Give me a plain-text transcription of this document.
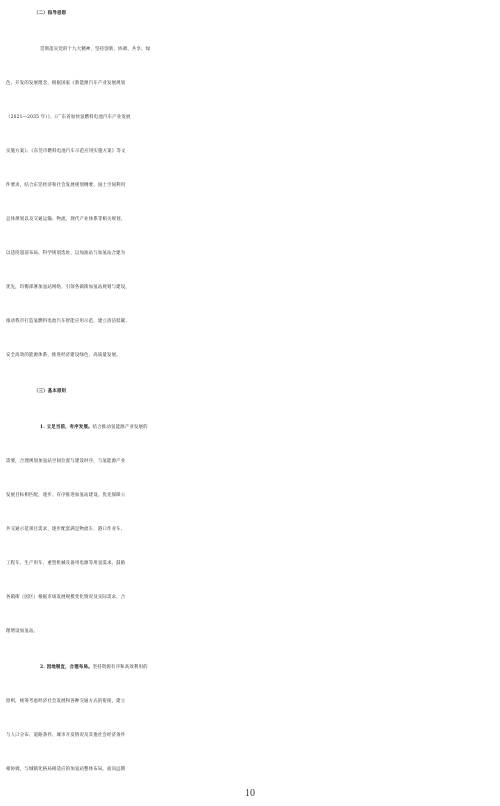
（二）指导思想
贯彻落实党的十九大精神，坚持创新、协调、共享、绿
色、开发的发展理念，根据国家《新能源汽车产业发展规划
（2021—2035 年）》、《广东省加快氢燃料电池汽车产业发展
实施方案》、《东莞市燃料电池汽车示范应用实施方案》等文
件要求，结合东莞经济和社会发展规划纲要、国土空间利用
总体规划以及交通运输、物流、现代产业体系等相关规划，
以适度超前布局、科学规划选址，以加油站与加氢站合建为
优先，均衡部署加氢站网络，引领各镇街加氢站规划与建设，
推动我市打造氢燃料电池汽车智能应用示范，建立清洁低碳、
安全高效的能源体系，推进经济建设绿色、高质量发展。
（三）基本原则
1. 立足当前，有序发展。结合推动氢能源产业发展的
需要，合理规划加氢站空间位置与建设时序，与氢能源产业
发展目标相匹配，逐步、有序推进加氢站建设。优先保障公
共交通示范项目需求，逐步配套满足物流车、港口作业车、
工程车、生产用车、重型机械及备用电源等用氢需求。鼓励
各镇街（园区）根据市场发展规模变化情况及实际需求，合
理增设加氢站。
2. 因地制宜，合理布局。坚持资源有序和高效利用的
原则，统筹考虑经济社会发展和各种交通方式的衔接，建立
与人口分布、道路条件、城市开发情况及其他社会经济条件
相协调，与城镇化格局相适应的加氢站整体布局。面向远期
10
